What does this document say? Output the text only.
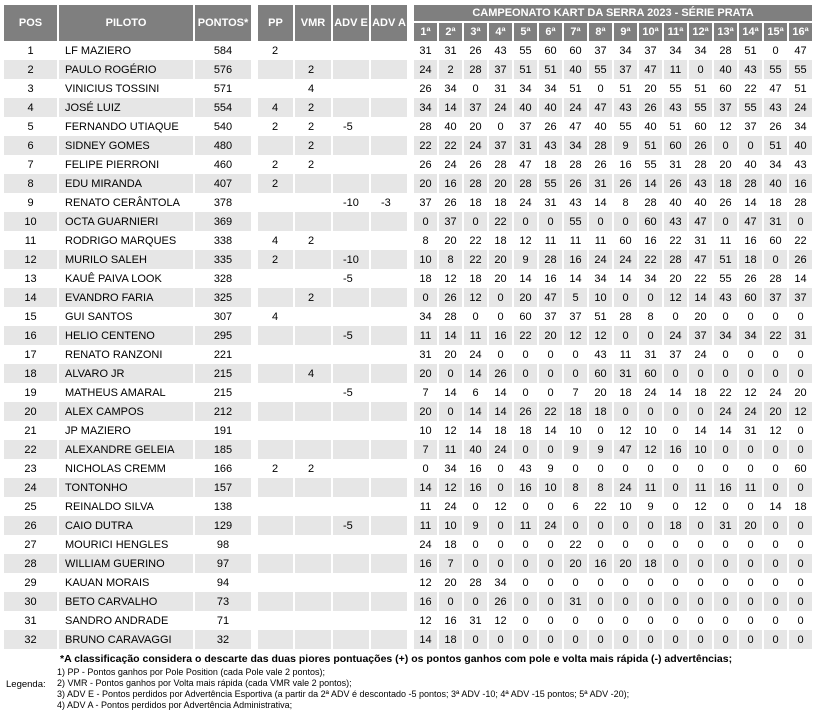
POS	PILOTO	PONTOS*		PP	VMR	ADV E	ADV A		CAMPEONATO KART DA SERRA 2023 - SÉRIE PRATA															
									1ª	2ª	3ª	4ª	5ª	6ª	7ª	8ª	9ª	10ª	11ª	12ª	13ª	14ª	15ª	16ª
1	LF MAZIERO	584		2					31	31	26	43	55	60	60	37	34	37	34	34	28	51	0	47
2	PAULO ROGÉRIO	576			2				24	2	28	37	51	51	40	55	37	47	11	0	40	43	55	55
3	VINICIUS TOSSINI	571			4				26	34	0	31	34	34	51	0	51	20	55	51	60	22	47	51
4	JOSÉ LUIZ	554		4	2				34	14	37	24	40	40	24	47	43	26	43	55	37	55	43	24
5	FERNANDO UTIAQUE	540		2	2	-5			28	40	20	0	37	26	47	40	55	40	51	60	12	37	26	34
6	SIDNEY GOMES	480			2				22	22	24	37	31	43	34	28	9	51	60	26	0	0	51	40
7	FELIPE PIERRONI	460		2	2				26	24	26	28	47	18	28	26	16	55	31	28	20	40	34	43
8	EDU MIRANDA	407		2					20	16	28	20	28	55	26	31	26	14	26	43	18	28	40	16
9	RENATO CERÂNTOLA	378				-10	-3		37	26	18	18	24	31	43	14	8	28	40	40	26	14	18	28
10	OCTA GUARNIERI	369							0	37	0	22	0	0	55	0	0	60	43	47	0	47	31	0
11	RODRIGO MARQUES	338		4	2				8	20	22	18	12	11	11	11	60	16	22	31	11	16	60	22
12	MURILO SALEH	335		2		-10			10	8	22	20	9	28	16	24	24	22	28	47	51	18	0	26
13	KAUÊ PAIVA LOOK	328				-5			18	12	18	20	14	16	14	34	14	34	20	22	55	26	28	14
14	EVANDRO FARIA	325			2				0	26	12	0	20	47	5	10	0	0	12	14	43	60	37	37
15	GUI SANTOS	307		4					34	28	0	0	60	37	37	51	28	8	0	20	0	0	0	0
16	HELIO CENTENO	295				-5			11	14	11	16	22	20	12	12	0	0	24	37	34	34	22	31
17	RENATO RANZONI	221							31	20	24	0	0	0	0	43	11	31	37	24	0	0	0	0
18	ALVARO JR	215			4				20	0	14	26	0	0	0	60	31	60	0	0	0	0	0	0
19	MATHEUS AMARAL	215				-5			7	14	6	14	0	0	7	20	18	24	14	18	22	12	24	20
20	ALEX CAMPOS	212							20	0	14	14	26	22	18	18	0	0	0	0	24	24	20	12
21	JP MAZIERO	191							10	12	14	18	18	14	10	0	12	10	0	14	14	31	12	0
22	ALEXANDRE GELEIA	185							7	11	40	24	0	0	9	9	47	12	16	10	0	0	0	0
23	NICHOLAS CREMM	166		2	2				0	34	16	0	43	9	0	0	0	0	0	0	0	0	0	60
24	TONTONHO	157							14	12	16	0	16	10	8	8	24	11	0	11	16	11	0	0
25	REINALDO SILVA	138							11	24	0	12	0	0	6	22	10	9	0	12	0	0	14	18
26	CAIO DUTRA	129				-5			11	10	9	0	11	24	0	0	0	0	18	0	31	20	0	0
27	MOURICI HENGLES	98							24	18	0	0	0	0	22	0	0	0	0	0	0	0	0	0
28	WILLIAM GUERINO	97							16	7	0	0	0	0	20	16	20	18	0	0	0	0	0	0
29	KAUAN MORAIS	94							12	20	28	34	0	0	0	0	0	0	0	0	0	0	0	0
30	BETO CARVALHO	73							16	0	0	26	0	0	31	0	0	0	0	0	0	0	0	0
31	SANDRO ANDRADE	71							12	16	31	12	0	0	0	0	0	0	0	0	0	0	0	0
32	BRUNO CARAVAGGI	32							14	18	0	0	0	0	0	0	0	0	0	0	0	0	0	0
*A classificação considera o descarte das duas piores pontuações (+) os pontos ganhos com pole e volta mais rápida (-) advertências;
Legenda:
1) PP - Pontos ganhos por Pole Position (cada Pole vale 2 pontos);
2) VMR - Pontos ganhos por Volta mais rápida (cada VMR vale 2 pontos);
3) ADV E - Pontos perdidos por Advertência Esportiva (a partir da 2ª ADV é descontado -5 pontos; 3ª ADV -10; 4ª ADV -15 pontos; 5ª ADV -20);
4) ADV A - Pontos perdidos por Advertência Administrativa;
